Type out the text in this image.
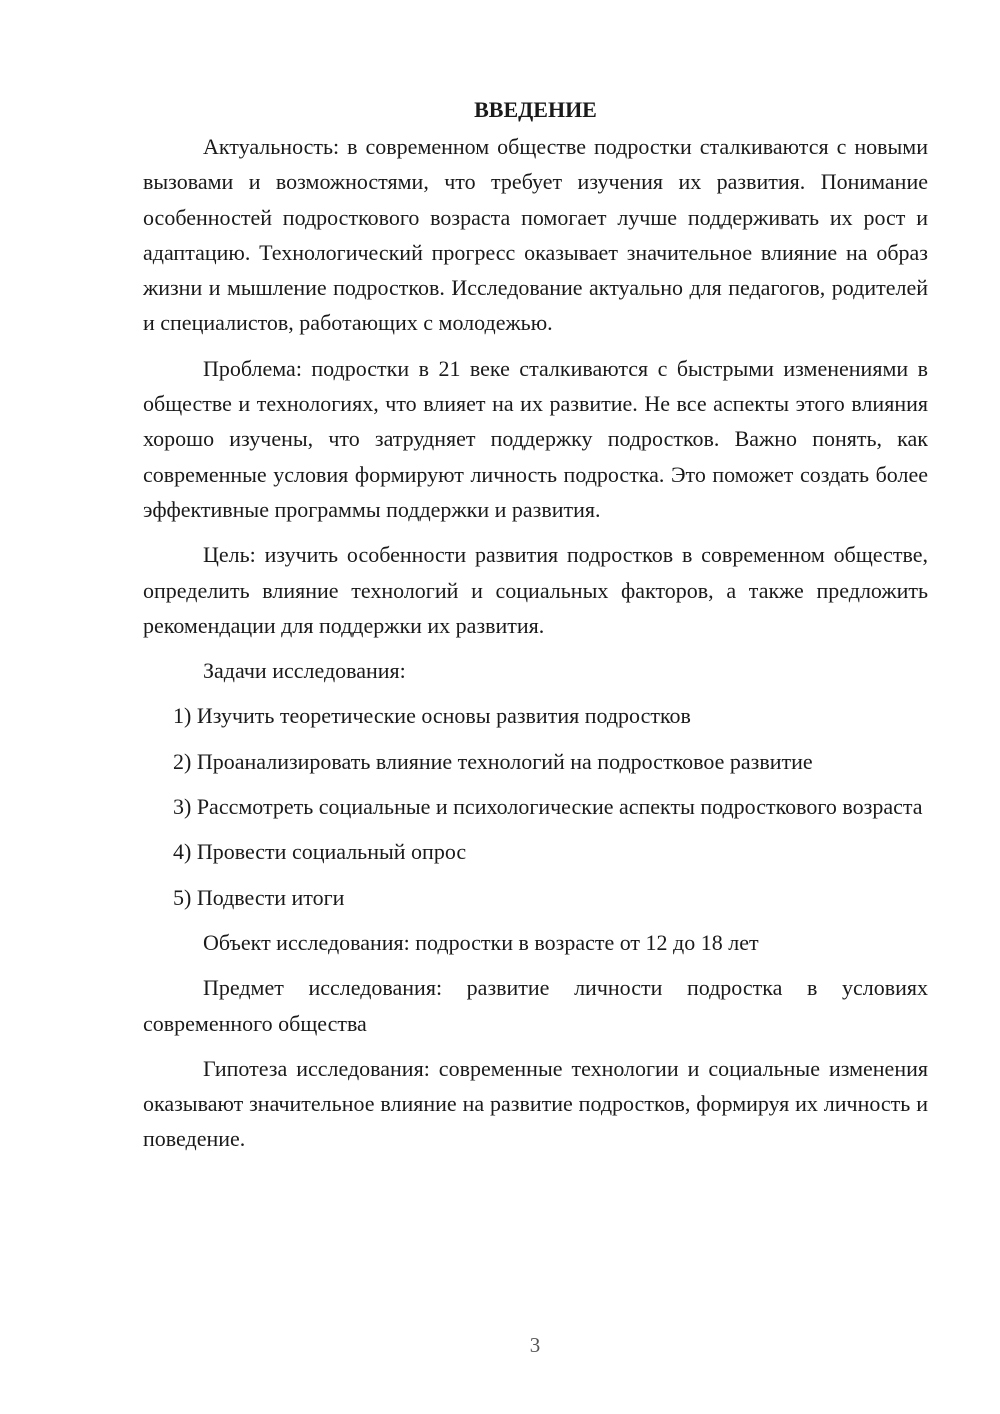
ВВЕДЕНИЕ

Актуальность: в современном обществе подростки сталкиваются с новыми вызовами и возможностями, что требует изучения их развития. Понимание особенностей подросткового возраста помогает лучше поддерживать их рост и адаптацию. Технологический прогресс оказывает значительное влияние на образ жизни и мышление подростков. Исследование актуально для педагогов, родителей и специалистов, работающих с молодежью.

Проблема: подростки в 21 веке сталкиваются с быстрыми изменениями в обществе и технологиях, что влияет на их развитие. Не все аспекты этого влияния хорошо изучены, что затрудняет поддержку подростков. Важно понять, как современные условия формируют личность подростка. Это поможет создать более эффективные программы поддержки и развития.

Цель: изучить особенности развития подростков в современном обществе, определить влияние технологий и социальных факторов, а также предложить рекомендации для поддержки их развития.

Задачи исследования:

1) Изучить теоретические основы развития подростков

2) Проанализировать влияние технологий на подростковое развитие

3) Рассмотреть социальные и психологические аспекты подросткового возраста

4) Провести социальный опрос

5) Подвести итоги

Объект исследования: подростки в возрасте от 12 до 18 лет

Предмет исследования: развитие личности подростка в условиях современного общества

Гипотеза исследования: современные технологии и социальные изменения оказывают значительное влияние на развитие подростков, формируя их личность и поведение.

3
